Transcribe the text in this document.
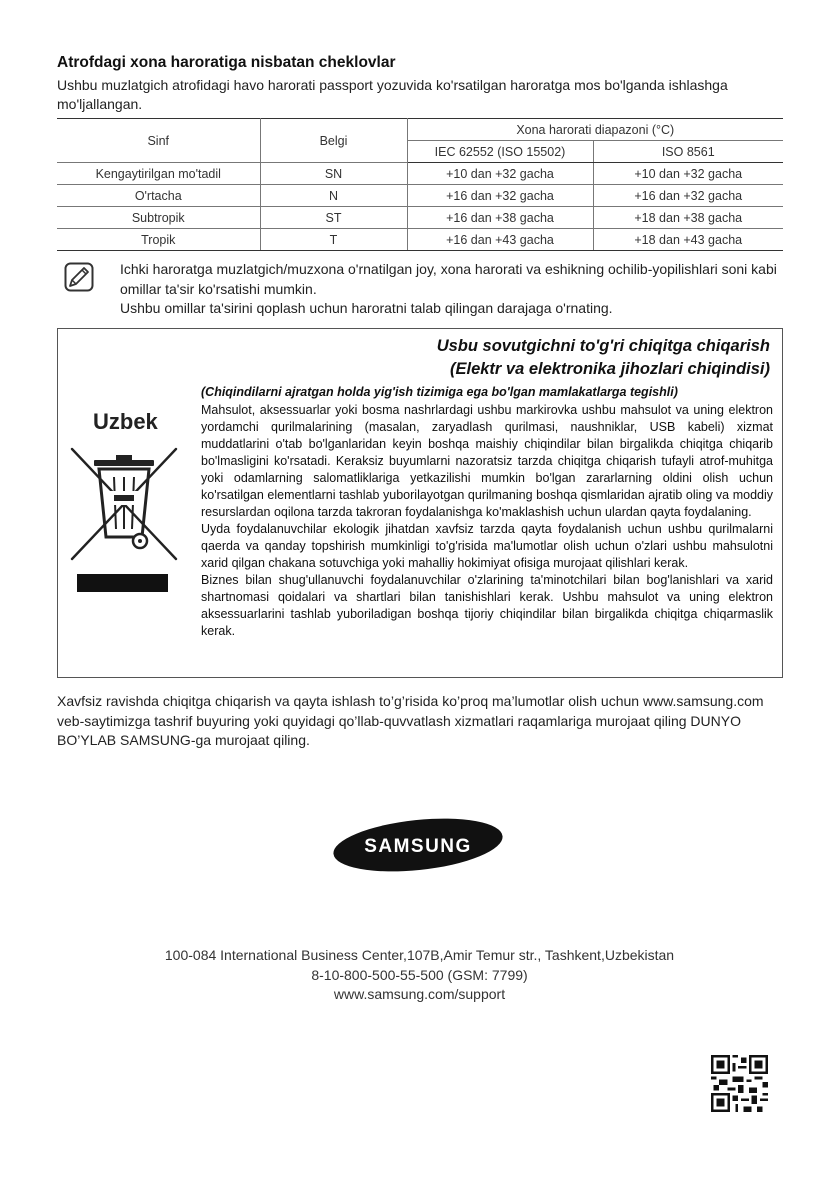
Atrofdagi xona haroratiga nisbatan cheklovlar
Ushbu muzlatgich atrofidagi havo harorati passport yozuvida ko'rsatilgan haroratga mos bo'lganda ishlashga mo'ljallangan.
Sinf	Belgi	Xona harorati diapazoni (°C)	
		IEC 62552 (ISO 15502)	ISO 8561
Kengaytirilgan mo'tadil	SN	+10 dan +32 gacha	+10 dan +32 gacha
O'rtacha	N	+16 dan +32 gacha	+16 dan +32 gacha
Subtropik	ST	+16 dan +38 gacha	+18 dan +38 gacha
Tropik	T	+16 dan +43 gacha	+18 dan +43 gacha
Ichki haroratga muzlatgich/muzxona o'rnatilgan joy, xona harorati va eshikning ochilib-yopilishlari soni kabi omillar ta'sir ko'rsatishi mumkin.
Ushbu omillar ta'sirini qoplash uchun haroratni talab qilingan darajaga o'rnating.
Usbu sovutgichni to'g'ri chiqitga chiqarish
(Elektr va elektronika jihozlari chiqindisi)
Uzbek
(Chiqindilarni ajratgan holda yig'ish tizimiga ega bo'lgan mamlakatlarga tegishli)

Mahsulot, aksessuarlar yoki bosma nashrlardagi ushbu markirovka ushbu mahsulot va uning elektron yordamchi qurilmalarining (masalan, zaryadlash qurilmasi, naushniklar, USB kabeli) xizmat muddatlarini o'tab bo'lganlaridan keyin boshqa maishiy chiqindilar bilan birgalikda chiqitga chiqarib bo'lmasligini ko'rsatadi. Keraksiz buyumlarni nazoratsiz tarzda chiqitga chiqarish tufayli atrof-muhitga yoki odamlarning salomatliklariga yetkazilishi mumkin bo'lgan zararlarning oldini olish uchun ko'rsatilgan elementlarni tashlab yuborilayotgan qurilmaning boshqa qismlaridan ajratib oling va moddiy resurslardan oqilona tarzda takroran foydalanishga ko'maklashish uchun ulardan qayta foydalaning.

Uyda foydalanuvchilar ekologik jihatdan xavfsiz tarzda qayta foydalanish uchun ushbu qurilmalarni qaerda va qanday topshirish mumkinligi to'g'risida ma'lumotlar olish uchun o'zlari ushbu mahsulotni xarid qilgan chakana sotuvchiga yoki mahalliy hokimiyat ofisiga murojaat qilishlari kerak.

Biznes bilan shug'ullanuvchi foydalanuvchilar o'zlarining ta'minotchilari bilan bog'lanishlari va xarid shartnomasi qoidalari va shartlari bilan tanishishlari kerak. Ushbu mahsulot va uning elektron aksessuarlarini tashlab yuboriladigan boshqa tijoriy chiqindilar bilan birgalikda chiqitga chiqarmaslik kerak.

Xavfsiz ravishda chiqitga chiqarish va qayta ishlash to’g’risida ko’proq ma’lumotlar olish uchun www.samsung.com veb-saytimizga tashrif buyuring yoki quyidagi qo’llab-quvvatlash xizmatlari raqamlariga murojaat qiling DUNYO BO’YLAB SAMSUNG-ga murojaat qiling.
SAMSUNG
100-084 International Business Center,107B,Amir Temur str., Tashkent,Uzbekistan
8-10-800-500-55-500 (GSM: 7799)
www.samsung.com/support
